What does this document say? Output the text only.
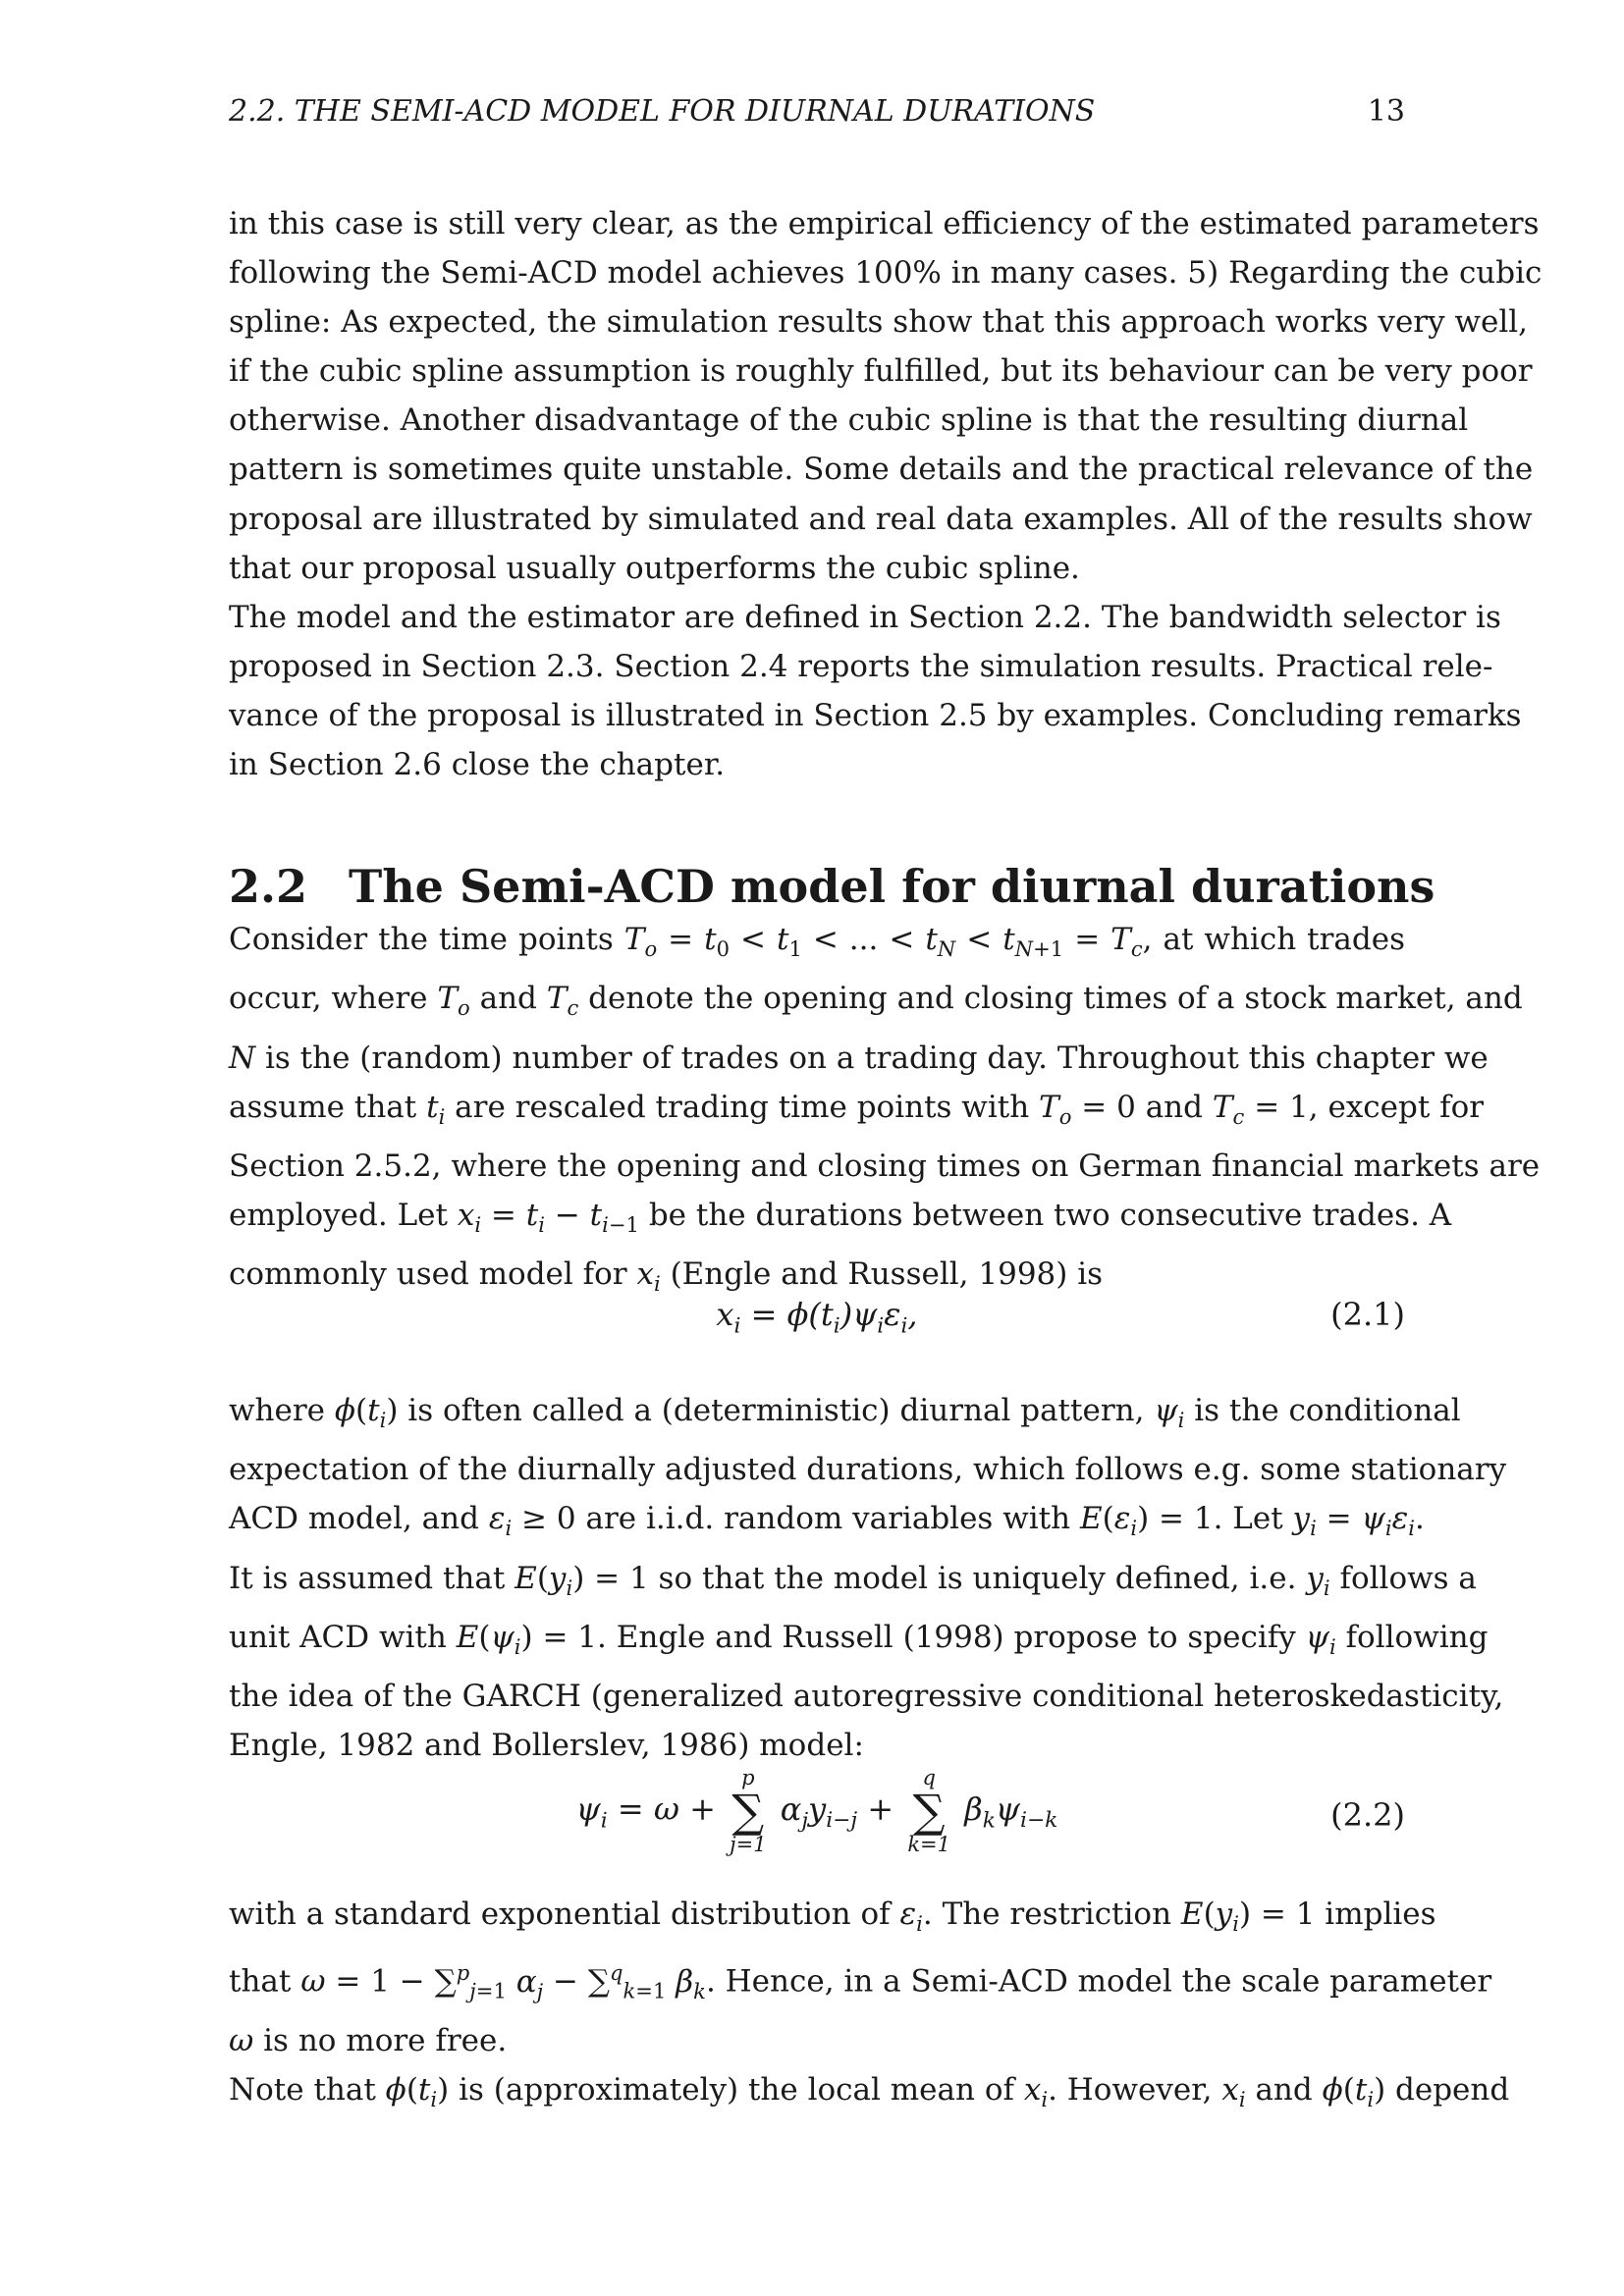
2.2. THE SEMI-ACD MODEL FOR DIURNAL DURATIONS	13
in this case is still very clear, as the empirical efficiency of the estimated parameters
following the Semi-ACD model achieves 100% in many cases. 5) Regarding the cubic
spline: As expected, the simulation results show that this approach works very well,
if the cubic spline assumption is roughly fulfilled, but its behaviour can be very poor
otherwise. Another disadvantage of the cubic spline is that the resulting diurnal
pattern is sometimes quite unstable. Some details and the practical relevance of the
proposal are illustrated by simulated and real data examples. All of the results show
that our proposal usually outperforms the cubic spline.
The model and the estimator are defined in Section 2.2. The bandwidth selector is
proposed in Section 2.3. Section 2.4 reports the simulation results. Practical rele-
vance of the proposal is illustrated in Section 2.5 by examples. Concluding remarks
in Section 2.6 close the chapter.
2.2 The Semi-ACD model for diurnal durations
Consider the time points $T_o = t_0 < t_1$ < ... < $t_N < t_{N+1} = T_c$, at which trades
occur, where $T_o$ and $T_c$ denote the opening and closing times of a stock market, and
N is the (random) number of trades on a trading day. Throughout this chapter we
assume that $t_i$ are rescaled trading time points with $T_o = 0$ and $T_c = 1$, except for
Section 2.5.2, where the opening and closing times on German financial markets are
employed. Let $x_i = t_i - t_{i-1}$ be the durations between two consecutive trades. A
commonly used model for $x_i$ (Engle and Russell, 1998) is
$x_i = \phi(t_i)\psi_i\varepsilon_i$,	(2.1)
where $\phi(t_i)$ is often called a (deterministic) diurnal pattern, $\psi_i$ is the conditional
expectation of the diurnally adjusted durations, which follows e.g. some stationary
ACD model, and $\varepsilon_i \ge 0$ are i.i.d. random variables with $E(\varepsilon_i) = 1$. Let $y_i = \psi_i\varepsilon_i$.
It is assumed that $E(y_i) = 1$ so that the model is uniquely defined, i.e. $y_i$ follows a
unit ACD with $E(\psi_i) = 1$. Engle and Russell (1998) propose to specify $\psi_i$ following
the idea of the GARCH (generalized autoregressive conditional heteroskedasticity,
Engle, 1982 and Bollerslev, 1986) model:
$\psi_i = \omega$ +
p
∑
j=1
$\alpha_jy_{i-j}$ +
q
∑
k=1
$\beta_k\psi_{i-k}$	(2.2)
with a standard exponential distribution of $\varepsilon_i$. The restriction $E(y_i) = 1$ implies
that ω = 1 − ∑$^p_{j=1}$ $\alpha_j - \sum^q_{k=1}$ $\beta_k$. Hence, in a Semi-ACD model the scale parameter
ω is no more free.
Note that $\phi(t_i)$ is (approximately) the local mean of $x_i$. However, $x_i$ and $\phi(t_i)$ depend
